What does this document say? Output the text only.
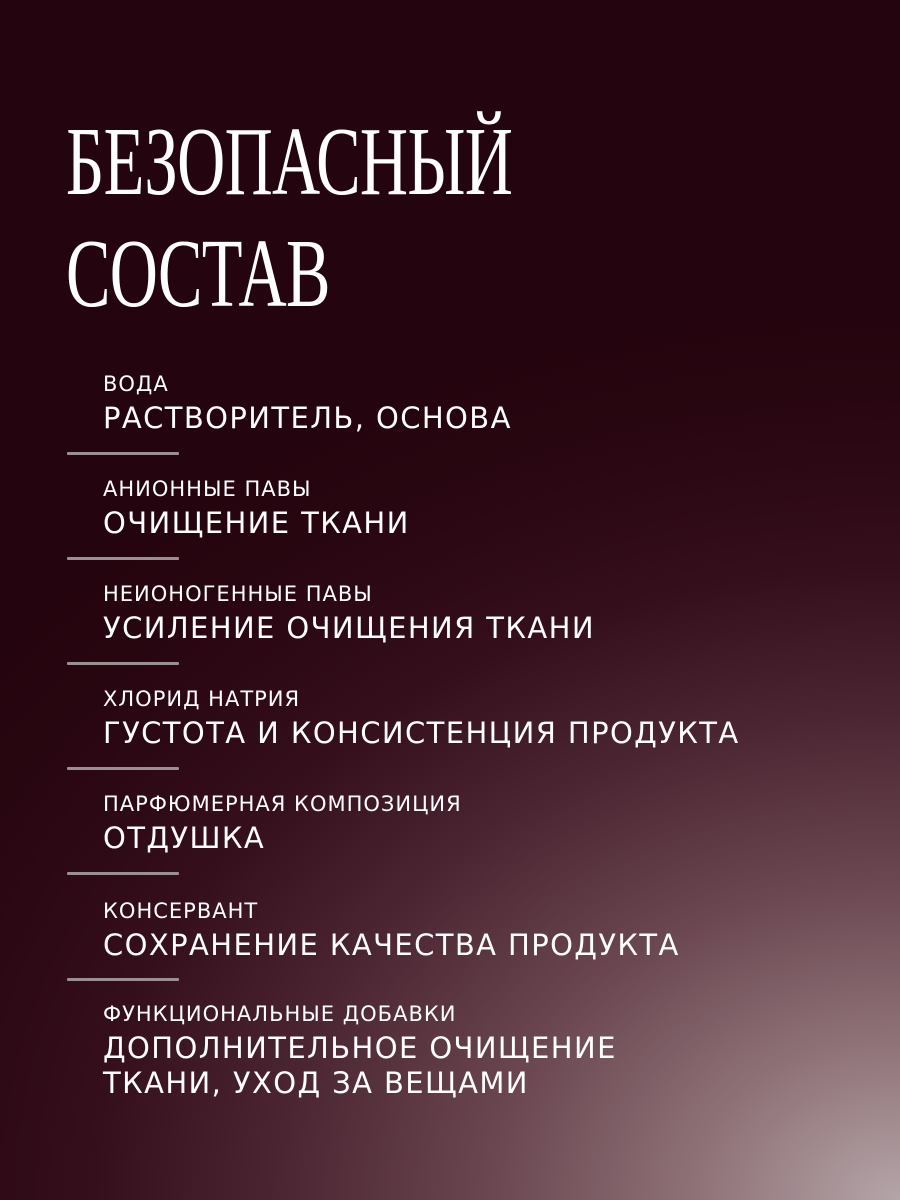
БЕЗОПАСНЫЙ
СОСТАВ
ВОДА
РАСТВОРИТЕЛЬ, ОСНОВА
АНИОННЫЕ ПАВЫ
ОЧИЩЕНИЕ ТКАНИ
НЕИОНОГЕННЫЕ ПАВЫ
УСИЛЕНИЕ ОЧИЩЕНИЯ ТКАНИ
ХЛОРИД НАТРИЯ
ГУСТОТА И КОНСИСТЕНЦИЯ ПРОДУКТА
ПАРФЮМЕРНАЯ КОМПОЗИЦИЯ
ОТДУШКА
КОНСЕРВАНТ
СОХРАНЕНИЕ КАЧЕСТВА ПРОДУКТА
ФУНКЦИОНАЛЬНЫЕ ДОБАВКИ
ДОПОЛНИТЕЛЬНОЕ ОЧИЩЕНИЕ ТКАНИ, УХОД ЗА ВЕЩАМИ
